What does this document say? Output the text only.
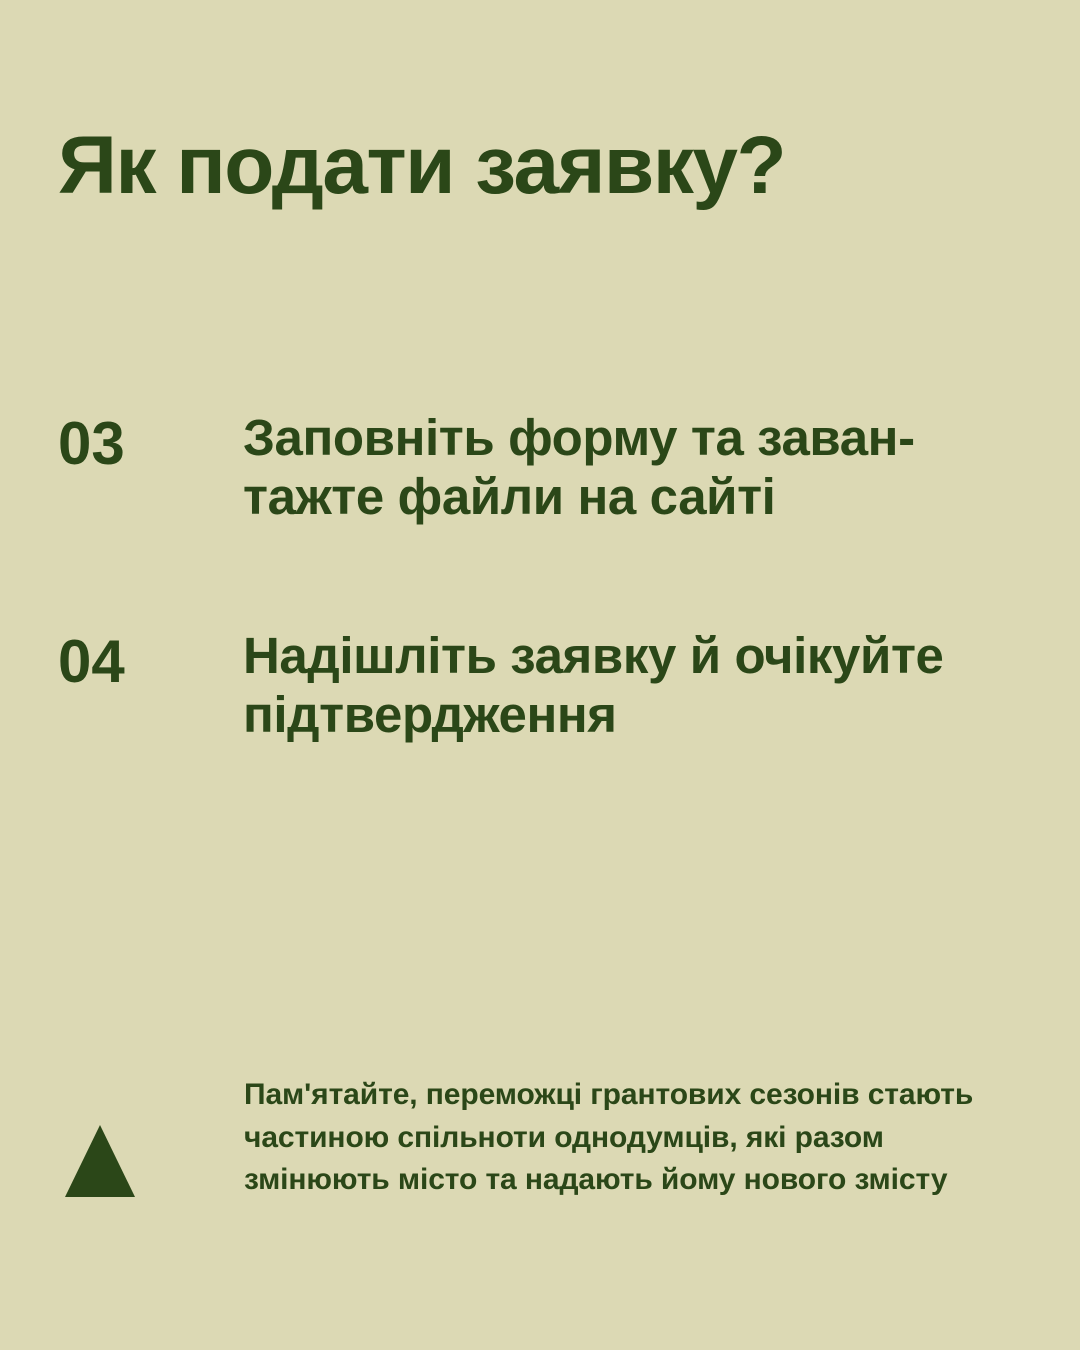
Як подати заявку?
03	Заповніть форму та заван-тажте файли на сайті
04	Надішліть заявку й очікуйте підтвердження
Пам'ятайте, переможці грантових сезонів стають частиною спільноти однодумців, які разом змінюють місто та надають йому нового змісту
